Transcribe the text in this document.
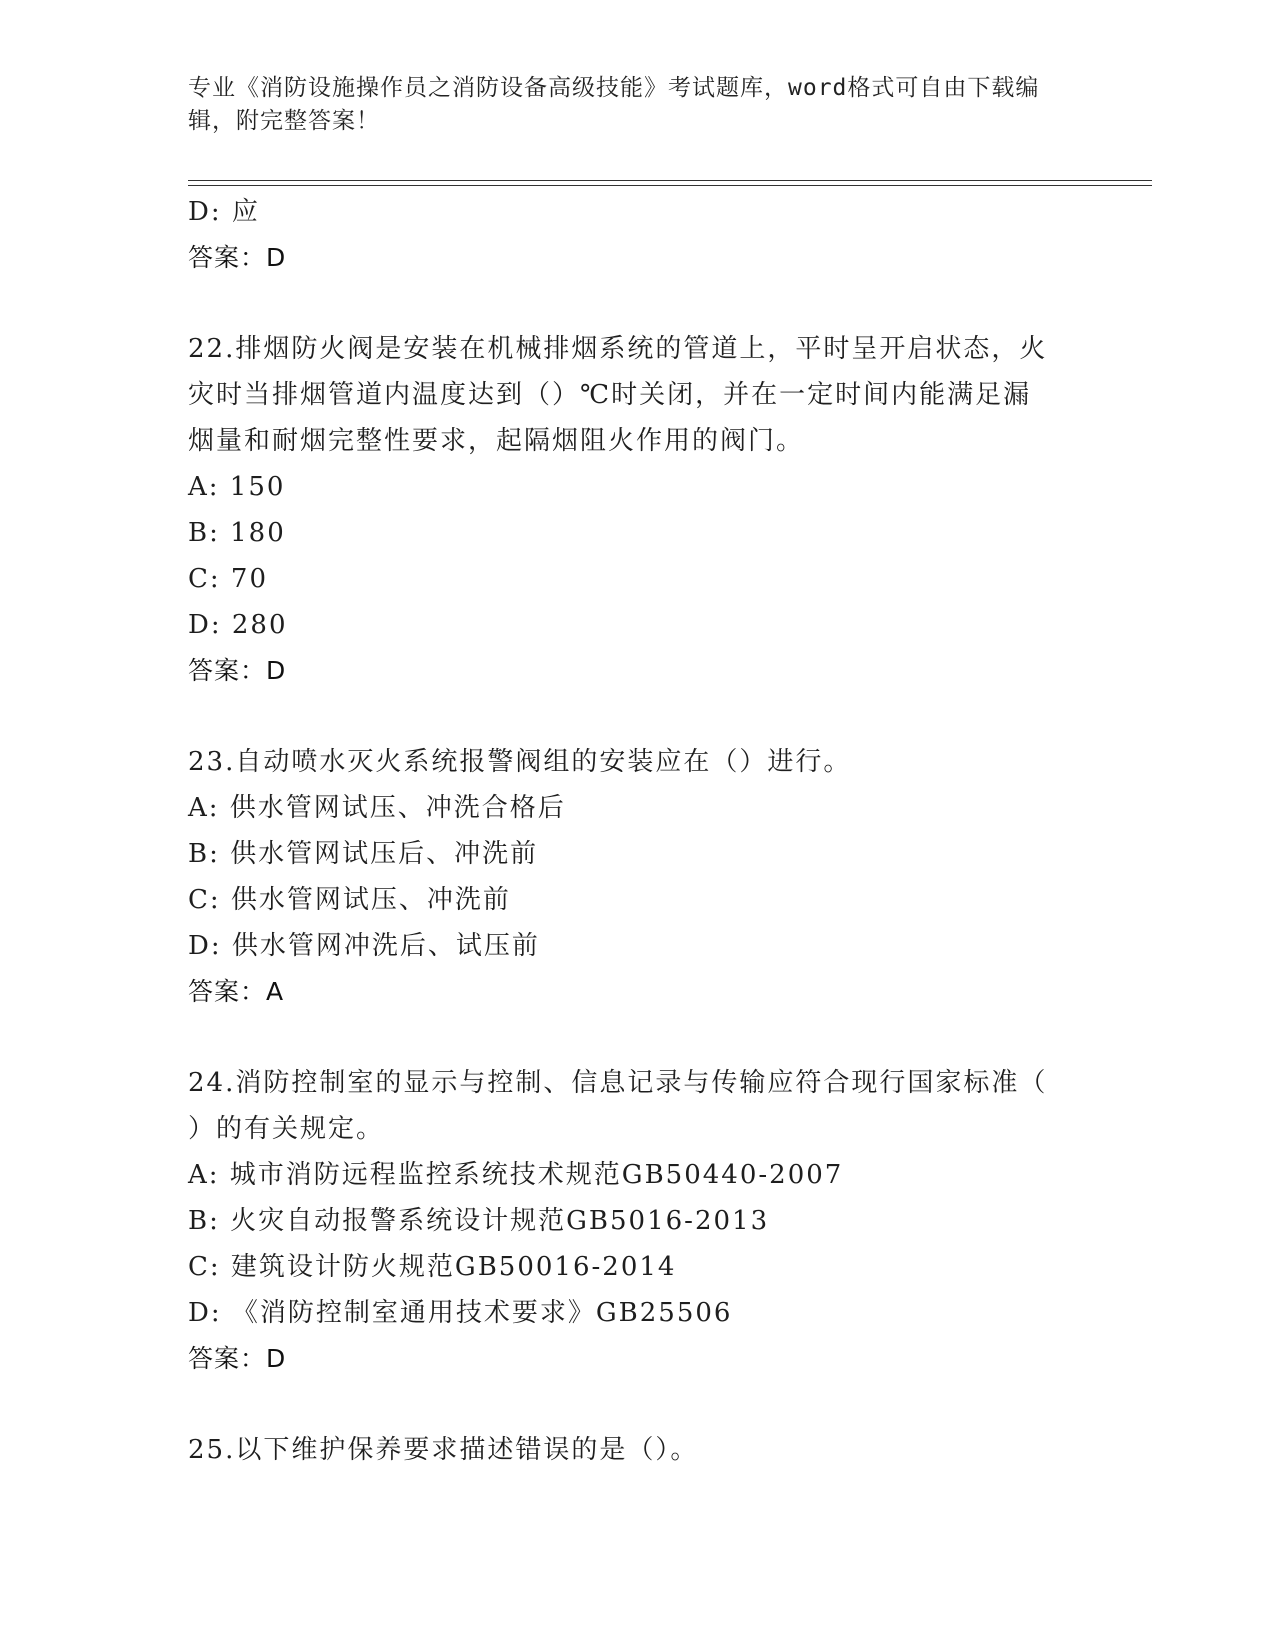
专业《消防设施操作员之消防设备高级技能》考试题库，word格式可自由下载编
辑，附完整答案！
D: 应
答案：D
22.排烟防火阀是安装在机械排烟系统的管道上，平时呈开启状态，火
灾时当排烟管道内温度达到（）℃时关闭，并在一定时间内能满足漏
烟量和耐烟完整性要求，起隔烟阻火作用的阀门。
A: 150
B: 180
C: 70
D: 280
答案：D
23.自动喷水灭火系统报警阀组的安装应在（）进行。
A: 供水管网试压、冲洗合格后
B: 供水管网试压后、冲洗前
C: 供水管网试压、冲洗前
D: 供水管网冲洗后、试压前
答案：A
24.消防控制室的显示与控制、信息记录与传输应符合现行国家标准（
）的有关规定。
A: 城市消防远程监控系统技术规范GB50440-2007
B: 火灾自动报警系统设计规范GB5016-2013
C: 建筑设计防火规范GB50016-2014
D: 《消防控制室通用技术要求》GB25506
答案：D
25.以下维护保养要求描述错误的是（）。
